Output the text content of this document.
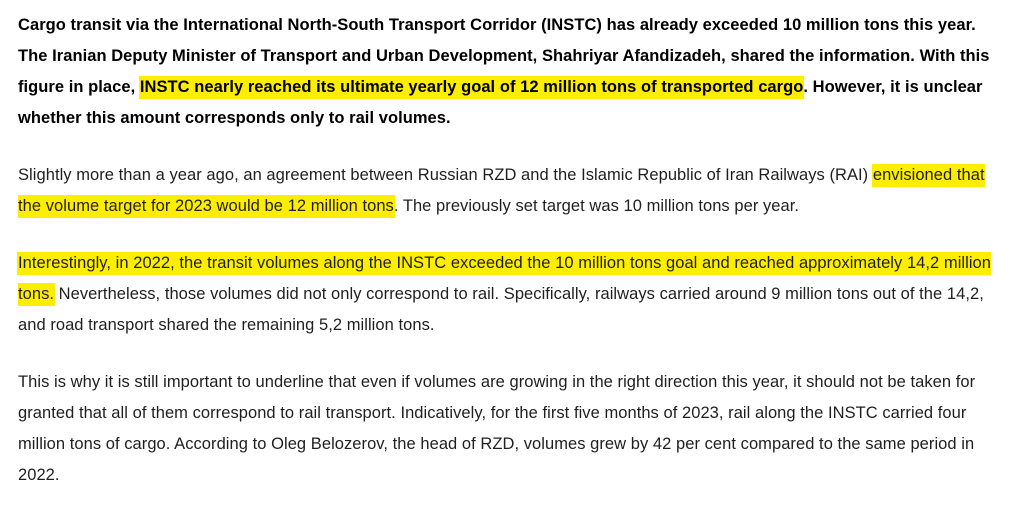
Cargo transit via the International North-South Transport Corridor (INSTC) has already exceeded 10 million tons this year. The Iranian Deputy Minister of Transport and Urban Development, Shahriyar Afandizadeh, shared the information. With this figure in place, INSTC nearly reached its ultimate yearly goal of 12 million tons of transported cargo. However, it is unclear whether this amount corresponds only to rail volumes.

Slightly more than a year ago, an agreement between Russian RZD and the Islamic Republic of Iran Railways (RAI) envisioned that the volume target for 2023 would be 12 million tons. The previously set target was 10 million tons per year.

Interestingly, in 2022, the transit volumes along the INSTC exceeded the 10 million tons goal and reached approximately 14,2 million tons. Nevertheless, those volumes did not only correspond to rail. Specifically, railways carried around 9 million tons out of the 14,2, and road transport shared the remaining 5,2 million tons.

This is why it is still important to underline that even if volumes are growing in the right direction this year, it should not be taken for granted that all of them correspond to rail transport. Indicatively, for the first five months of 2023, rail along the INSTC carried four million tons of cargo. According to Oleg Belozerov, the head of RZD, volumes grew by 42 per cent compared to the same period in 2022.
